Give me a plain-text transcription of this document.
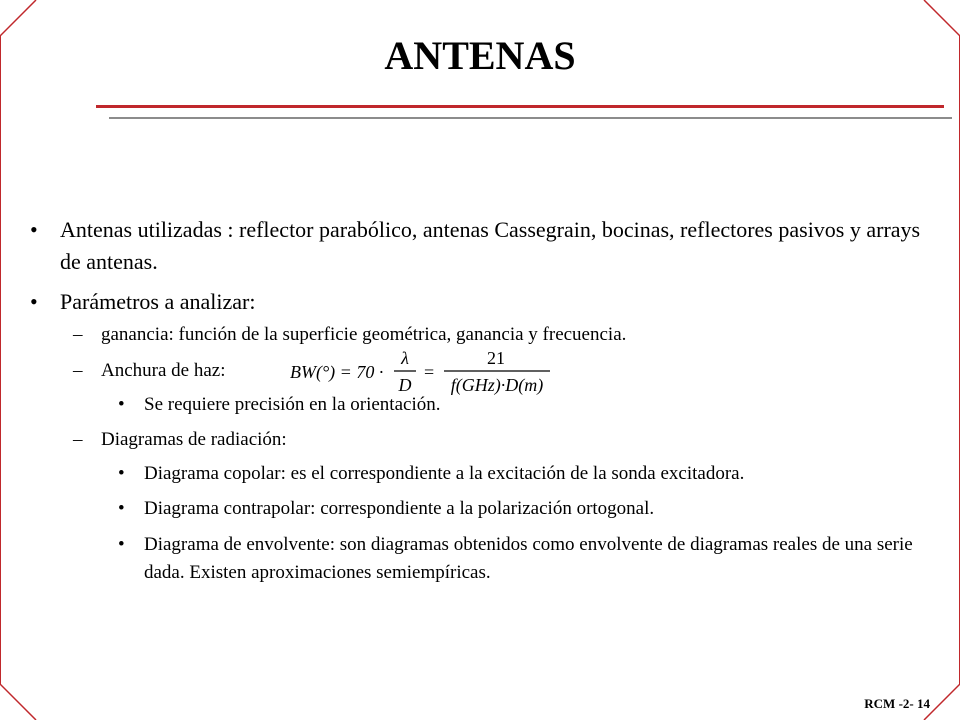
ANTENAS
• Antenas utilizadas : reflector parabólico, antenas Cassegrain, bocinas, reflectores pasivos y arrays de antenas.
• Parámetros a analizar:
– ganancia: función de la superficie geométrica, ganancia y frecuencia.
– Anchura de haz:	BW(°) = 70 ·
λ
D
=
21
f(GHz)·D(m)
• Se requiere precisión en la orientación.
– Diagramas de radiación:
• Diagrama copolar: es el correspondiente a la excitación de la sonda excitadora.
• Diagrama contrapolar: correspondiente a la polarización ortogonal.
• Diagrama de envolvente: son diagramas obtenidos como envolvente de diagramas reales de una serie dada. Existen aproximaciones semiempíricas.
RCM -2- 14
